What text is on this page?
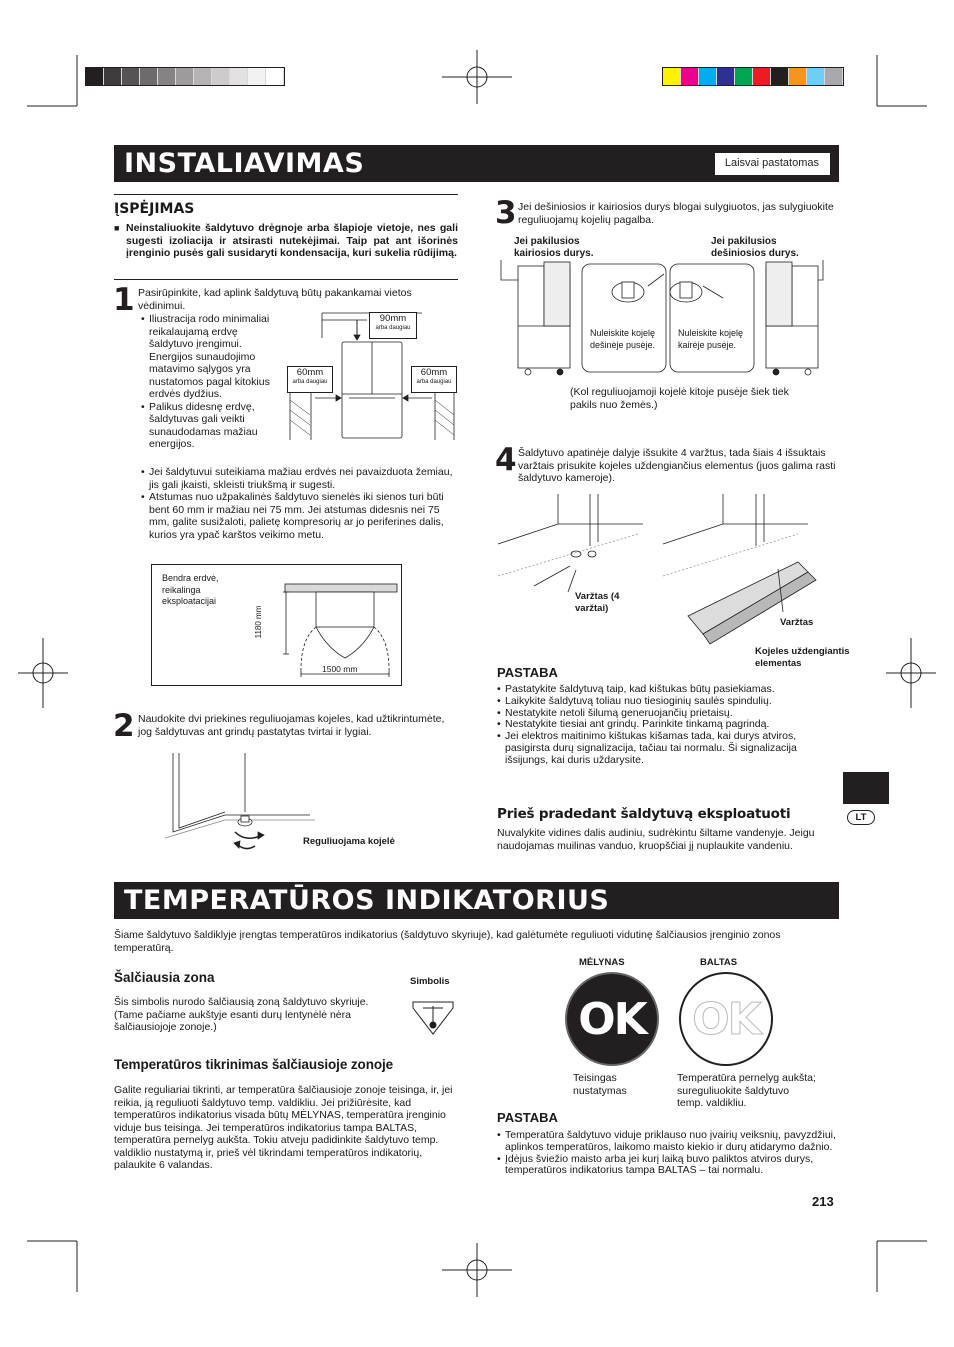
INSTALIAVIMAS	Laisvai pastatomas
ĮSPĖJIMAS
■ Neinstaliuokite šaldytuvo drėgnoje arba šlapioje vietoje, nes gali sugesti izoliacija ir atsirasti nutekėjimai. Taip pat ant išorinės įrenginio pusės gali susidaryti kondensacija, kuri sukelia rūdijimą.
1 Pasirūpinkite, kad aplink šaldytuvą būtų pakankamai vietos vėdinimui.
• Iliustracija rodo minimaliai reikalaujamą erdvę šaldytuvo įrengimui. Energijos sunaudojimo matavimo sąlygos yra nustatomos pagal kitokius erdvės dydžius.
• Palikus didesnę erdvę, šaldytuvas gali veikti sunaudodamas mažiau energijos.
• Jei šaldytuvui suteikiama mažiau erdvės nei pavaizduota žemiau, jis gali įkaisti, skleisti triukšmą ir sugesti.
• Atstumas nuo užpakalinės šaldytuvo sienelės iki sienos turi būti bent 60 mm ir mažiau nei 75 mm. Jei atstumas didesnis nei 75 mm, galite susižaloti, palietę kompresorių ar jo periferines dalis, kurios yra ypač karštos veikimo metu.
90mm
arba daugiau
60mm
arba daugiau
60mm
arba daugiau
Bendra erdvė, reikalinga eksploatacijai
1180 mm
1500 mm
2 Naudokite dvi priekines reguliuojamas kojeles, kad užtikrintumėte, jog šaldytuvas ant grindų pastatytas tvirtai ir lygiai.
Reguliuojama kojelė
3 Jei dešiniosios ir kairiosios durys blogai sulygiuotos, jas sulygiuokite reguliuojamų kojelių pagalba.
Jei pakilusios kairiosios durys.
Jei pakilusios dešiniosios durys.
Nuleiskite kojelę dešinėje pusėje.
Nuleiskite kojelę kairėje pusėje.
(Kol reguliuojamoji kojelė kitoje pusėje šiek tiek pakils nuo žemės.)
4 Šaldytuvo apatinėje dalyje išsukite 4 varžtus, tada šiais 4 išsuktais varžtais prisukite kojeles uždengiančius elementus (juos galima rasti šaldytuvo kameroje).
Varžtas (4 varžtai)
Varžtas
Kojeles uždengiantis elementas
PASTABA
• Pastatykite šaldytuvą taip, kad kištukas būtų pasiekiamas.
• Laikykite šaldytuvą toliau nuo tiesioginių saulės spindulių.
• Nestatykite netoli šilumą generuojančių prietaisų.
• Nestatykite tiesiai ant grindų. Parinkite tinkamą pagrindą.
• Jei elektros maitinimo kištukas kišamas tada, kai durys atviros, pasigirsta durų signalizacija, tačiau tai normalu. Ši signalizacija išsijungs, kai duris uždarysite.
Prieš pradedant šaldytuvą eksploatuoti
Nuvalykite vidines dalis audiniu, sudrėkintu šiltame vandenyje. Jeigu naudojamas muilinas vanduo, kruopščiai jį nuplaukite vandeniu.
LT
TEMPERATŪROS INDIKATORIUS
Šiame šaldytuvo šaldiklyje įrengtas temperatūros indikatorius (šaldytuvo skyriuje), kad galėtumėte reguliuoti vidutinę šalčiausios įrenginio zonos temperatūrą.
Šalčiausia zona	Simbolis
Šis simbolis nurodo šalčiausią zoną šaldytuvo skyriuje. (Tame pačiame aukštyje esanti durų lentynėlė nėra šalčiausiojoje zonoje.)
Temperatūros tikrinimas šalčiausioje zonoje
Galite reguliariai tikrinti, ar temperatūra šalčiausioje zonoje teisinga, ir, jei reikia, ją reguliuoti šaldytuvo temp. valdikliu. Jei prižiūrėsite, kad temperatūros indikatorius visada būtų MĖLYNAS, temperatūra įrenginio viduje bus teisinga. Jei temperatūros indikatorius tampa BALTAS, temperatūra pernelyg aukšta. Tokiu atveju padidinkite šaldytuvo temp. valdiklio nustatymą ir, prieš vėl tikrindami temperatūros indikatorių, palaukite 6 valandas.
MĖLYNAS	BALTAS
OK OK
Teisingas nustatymas
Temperatūra pernelyg aukšta; sureguliuokite šaldytuvo temp. valdikliu.
PASTABA
• Temperatūra šaldytuvo viduje priklauso nuo įvairių veiksnių, pavyzdžiui, aplinkos temperatūros, laikomo maisto kiekio ir durų atidarymo dažnio.
• Įdėjus šviežio maisto arba jei kurį laiką buvo paliktos atviros durys, temperatūros indikatorius tampa BALTAS – tai normalu.
213
